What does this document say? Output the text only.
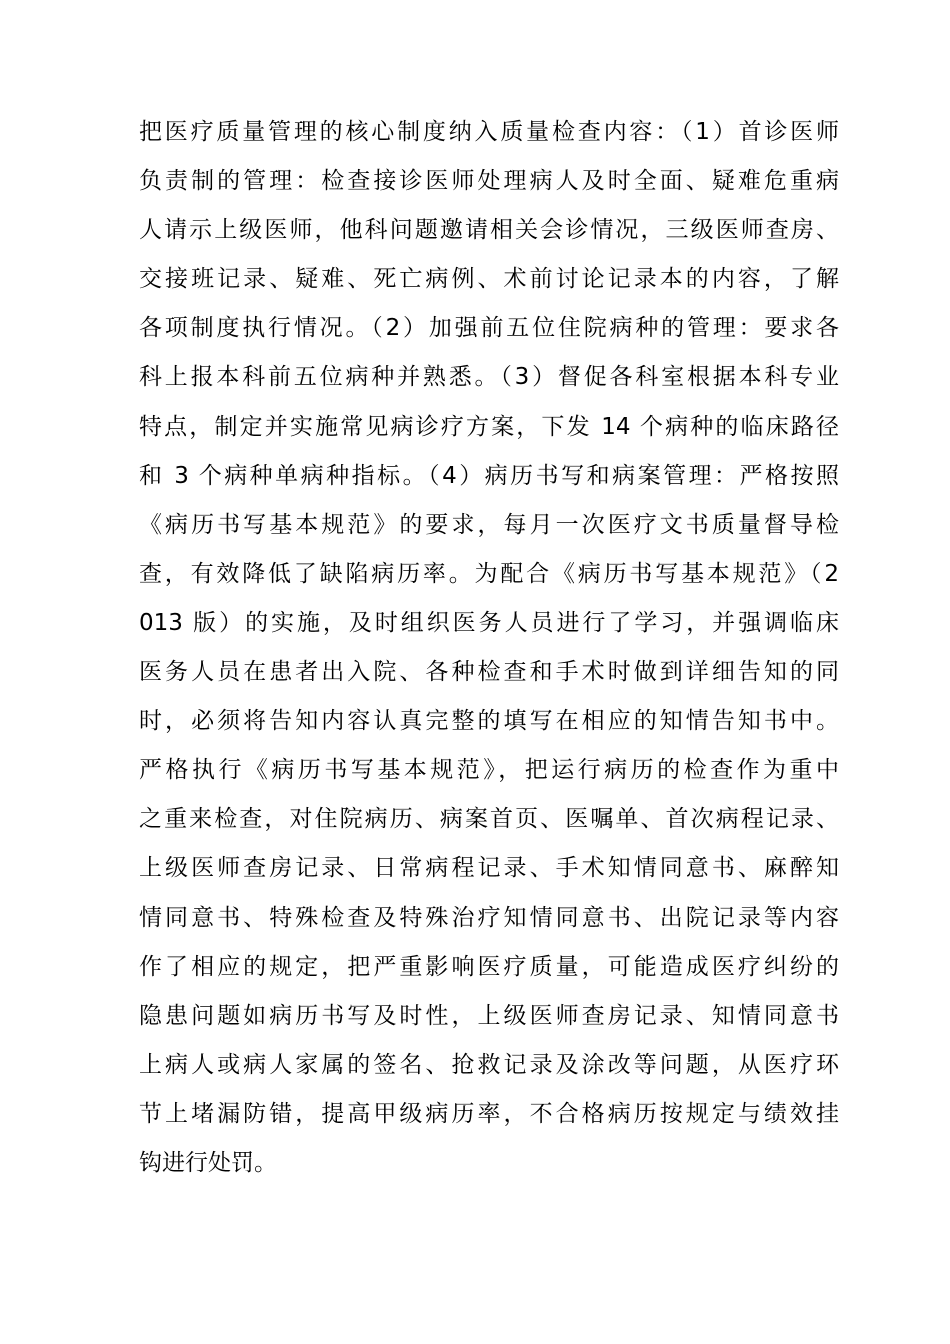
把医疗质量管理的核心制度纳入质量检查内容：（1）首诊医师
负责制的管理：检查接诊医师处理病人及时全面、疑难危重病
人请示上级医师，他科问题邀请相关会诊情况，三级医师查房、
交接班记录、疑难、死亡病例、术前讨论记录本的内容，了解
各项制度执行情况。（2）加强前五位住院病种的管理：要求各
科上报本科前五位病种并熟悉。（3）督促各科室根据本科专业
特点，制定并实施常见病诊疗方案，下发 14 个病种的临床路径
和 3 个病种单病种指标。（4）病历书写和病案管理：严格按照
《病历书写基本规范》的要求，每月一次医疗文书质量督导检
查，有效降低了缺陷病历率。为配合《病历书写基本规范》（2
013 版）的实施，及时组织医务人员进行了学习，并强调临床
医务人员在患者出入院、各种检查和手术时做到详细告知的同
时，必须将告知内容认真完整的填写在相应的知情告知书中。
严格执行《病历书写基本规范》，把运行病历的检查作为重中
之重来检查，对住院病历、病案首页、医嘱单、首次病程记录、
上级医师查房记录、日常病程记录、手术知情同意书、麻醉知
情同意书、特殊检查及特殊治疗知情同意书、出院记录等内容
作了相应的规定，把严重影响医疗质量，可能造成医疗纠纷的
隐患问题如病历书写及时性，上级医师查房记录、知情同意书
上病人或病人家属的签名、抢救记录及涂改等问题，从医疗环
节上堵漏防错，提高甲级病历率，不合格病历按规定与绩效挂
钩进行处罚。
